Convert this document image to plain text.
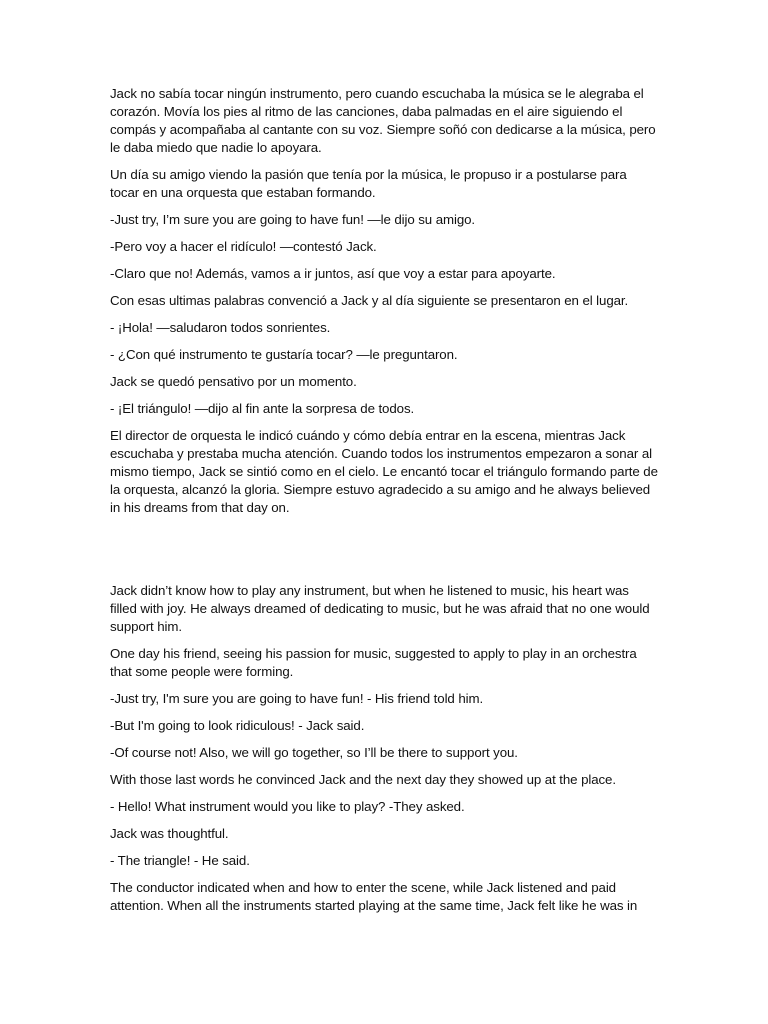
Jack no sabía tocar ningún instrumento, pero cuando escuchaba la música se le alegraba el corazón. Movía los pies al ritmo de las canciones, daba palmadas en el aire siguiendo el compás y acompañaba al cantante con su voz. Siempre soñó con dedicarse a la música, pero le daba miedo que nadie lo apoyara.

Un día su amigo viendo la pasión que tenía por la música, le propuso ir a postularse para tocar en una orquesta que estaban formando.

-Just try, I’m sure you are going to have fun! —le dijo su amigo.

-Pero voy a hacer el ridículo! —contestó Jack.

-Claro que no! Además, vamos a ir juntos, así que voy a estar para apoyarte.

Con esas ultimas palabras convenció a Jack y al día siguiente se presentaron en el lugar.

- ¡Hola! —saludaron todos sonrientes.

- ¿Con qué instrumento te gustaría tocar? —le preguntaron.

Jack se quedó pensativo por un momento.

- ¡El triángulo! —dijo al fin ante la sorpresa de todos.

El director de orquesta le indicó cuándo y cómo debía entrar en la escena, mientras Jack escuchaba y prestaba mucha atención. Cuando todos los instrumentos empezaron a sonar al mismo tiempo, Jack se sintió como en el cielo. Le encantó tocar el triángulo formando parte de la orquesta, alcanzó la gloria. Siempre estuvo agradecido a su amigo and he always believed in his dreams from that day on.

Jack didn’t know how to play any instrument, but when he listened to music, his heart was filled with joy. He always dreamed of dedicating to music, but he was afraid that no one would support him.

One day his friend, seeing his passion for music, suggested to apply to play in an orchestra that some people were forming.

-Just try, I'm sure you are going to have fun! - His friend told him.

-But I'm going to look ridiculous! - Jack said.

-Of course not! Also, we will go together, so I’ll be there to support you.

With those last words he convinced Jack and the next day they showed up at the place.

- Hello! What instrument would you like to play? -They asked.

Jack was thoughtful.

- The triangle! - He said.

The conductor indicated when and how to enter the scene, while Jack listened and paid attention. When all the instruments started playing at the same time, Jack felt like he was in
